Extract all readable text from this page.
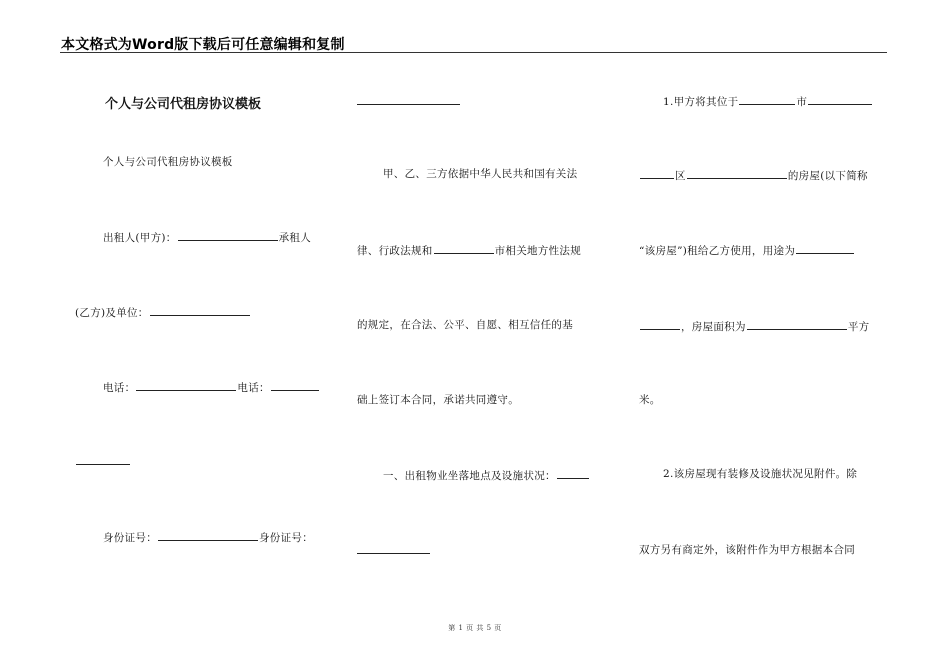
本文格式为Word版下载后可任意编辑和复制
个人与公司代租房协议模板
个人与公司代租房协议模板
出租人(甲方)：	承租人
(乙方)及单位：
电话：	电话：
身份证号：	身份证号：
甲、乙、三方依据中华人民共和国有关法
律、行政法规和	市相关地方性法规
的规定，在合法、公平、自愿、相互信任的基
础上签订本合同，承诺共同遵守。
一、出租物业坐落地点及设施状况：
1.甲方将其位于	市
区	的房屋(以下简称
“该房屋”)租给乙方使用，用途为
，房屋面积为	平方
米。
2.该房屋现有装修及设施状况见附件。除
双方另有商定外，该附件作为甲方根据本合同
第 1 页 共 5 页
